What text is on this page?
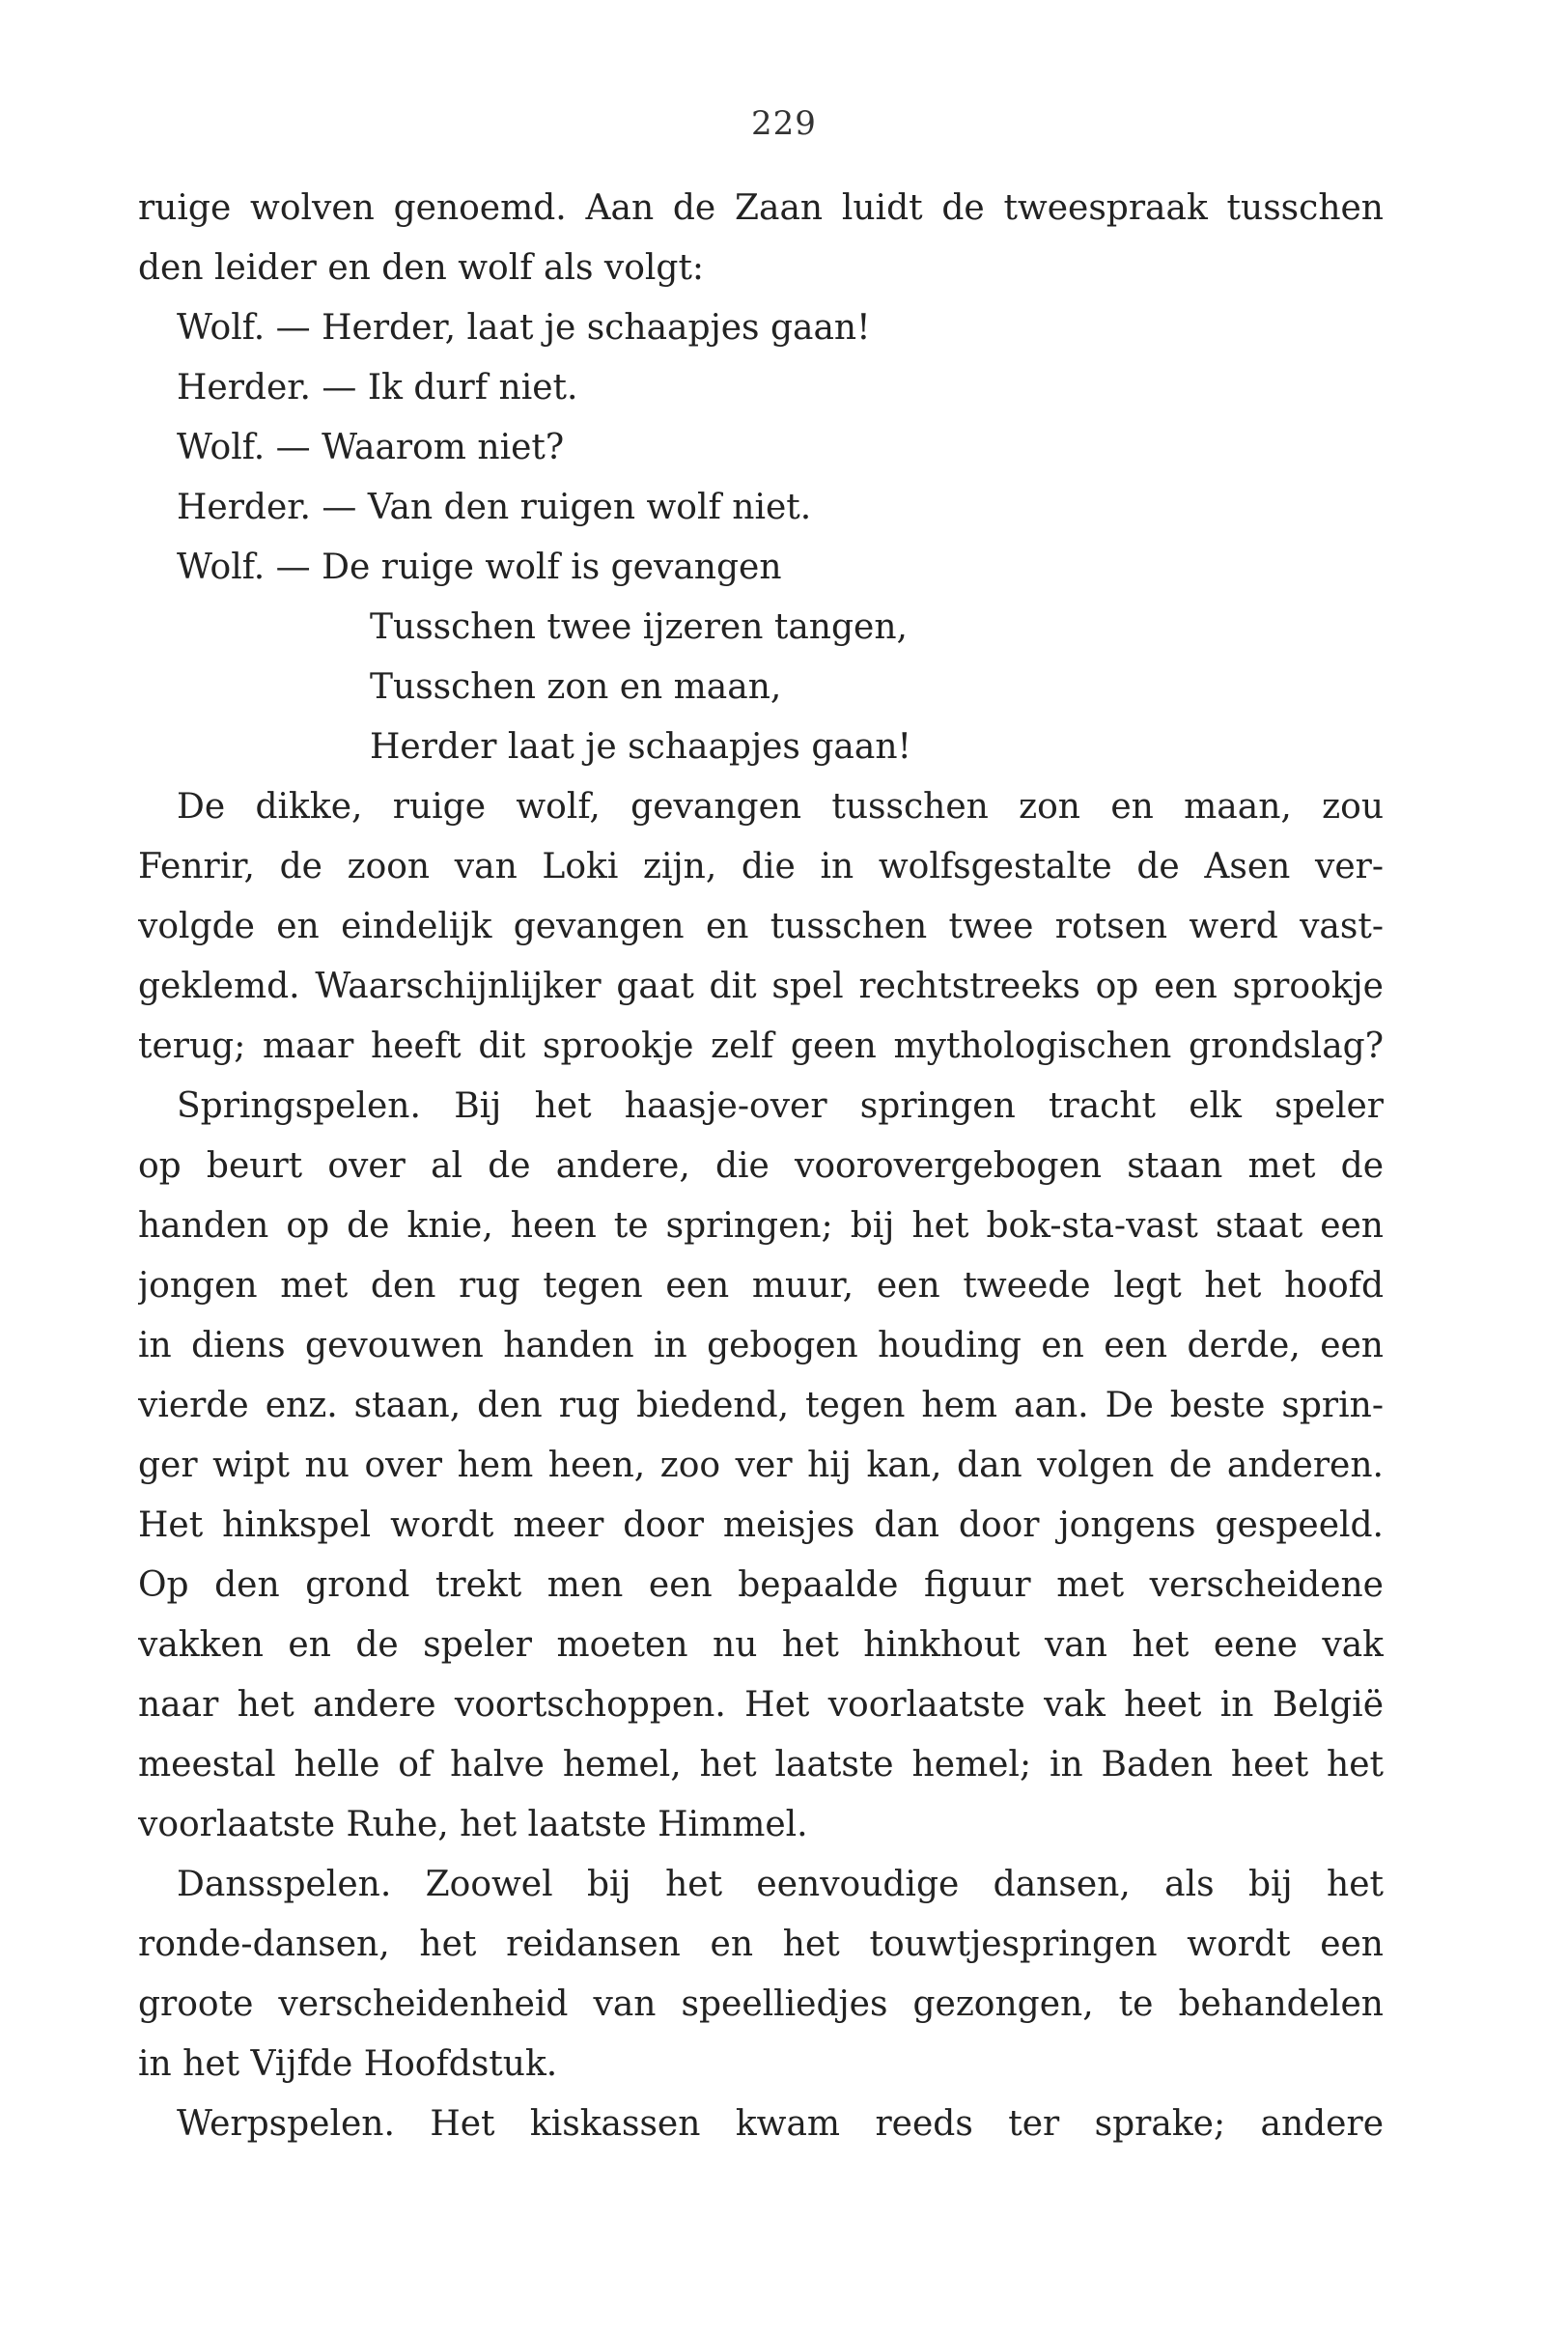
229
ruige wolven genoemd. Aan de Zaan luidt de tweespraak tusschen
den leider en den wolf als volgt:
Wolf. — Herder, laat je schaapjes gaan!
Herder. — Ik durf niet.
Wolf. — Waarom niet?
Herder. — Van den ruigen wolf niet.
Wolf. — De ruige wolf is gevangen
Tusschen twee ijzeren tangen,
Tusschen zon en maan,
Herder laat je schaapjes gaan!
De dikke, ruige wolf, gevangen tusschen zon en maan, zou
Fenrir, de zoon van Loki zijn, die in wolfsgestalte de Asen ver-
volgde en eindelijk gevangen en tusschen twee rotsen werd vast-
geklemd. Waarschijnlijker gaat dit spel rechtstreeks op een sprookje
terug; maar heeft dit sprookje zelf geen mythologischen grondslag?
Springspelen. Bij het haasje-over springen tracht elk speler
op beurt over al de andere, die voorovergebogen staan met de
handen op de knie, heen te springen; bij het bok-sta-vast staat een
jongen met den rug tegen een muur, een tweede legt het hoofd
in diens gevouwen handen in gebogen houding en een derde, een
vierde enz. staan, den rug biedend, tegen hem aan. De beste sprin-
ger wipt nu over hem heen, zoo ver hij kan, dan volgen de anderen.
Het hinkspel wordt meer door meisjes dan door jongens gespeeld.
Op den grond trekt men een bepaalde figuur met verscheidene
vakken en de speler moeten nu het hinkhout van het eene vak
naar het andere voortschoppen. Het voorlaatste vak heet in België
meestal helle of halve hemel, het laatste hemel; in Baden heet het
voorlaatste Ruhe, het laatste Himmel.
Dansspelen. Zoowel bij het eenvoudige dansen, als bij het
ronde-dansen, het reidansen en het touwtjespringen wordt een
groote verscheidenheid van speelliedjes gezongen, te behandelen
in het Vijfde Hoofdstuk.
Werpspelen. Het kiskassen kwam reeds ter sprake; andere
